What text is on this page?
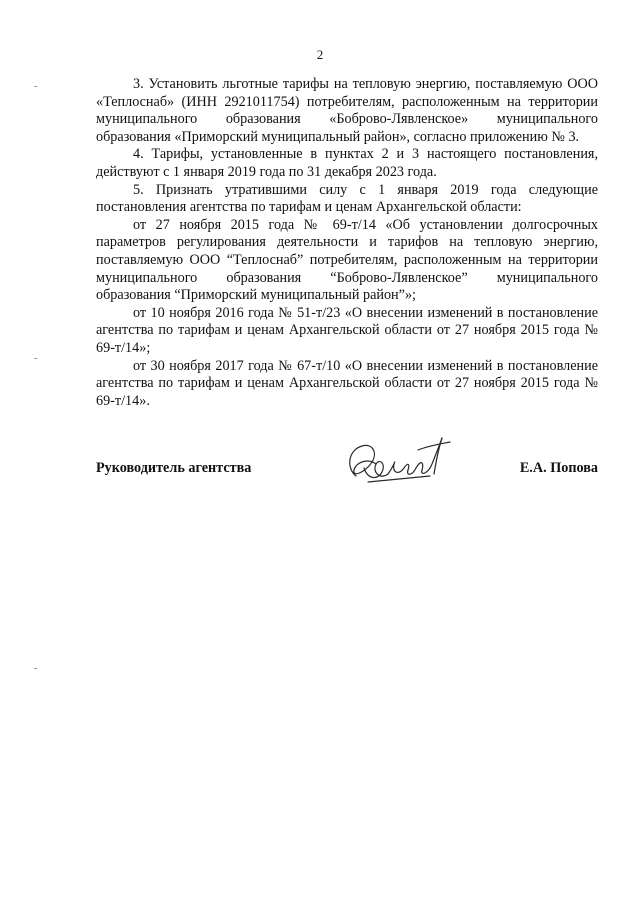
2

3. Установить льготные тарифы на тепловую энергию, поставляемую ООО «Теплоснаб» (ИНН 2921011754) потребителям, расположенным на территории муниципального образования «Боброво-Лявленское» муниципального образования «Приморский муниципальный район», согласно приложению № 3.

4. Тарифы, установленные в пунктах 2 и 3 настоящего постановления, действуют с 1 января 2019 года по 31 декабря 2023 года.

5. Признать утратившими силу с 1 января 2019 года следующие постановления агентства по тарифам и ценам Архангельской области:

от 27 ноября 2015 года № 69-т/14 «Об установлении долгосрочных параметров регулирования деятельности и тарифов на тепловую энергию, поставляемую ООО “Теплоснаб” потребителям, расположенным на территории муниципального образования “Боброво-Лявленское” муниципального образования “Приморский муниципальный район”»;

от 10 ноября 2016 года № 51-т/23 «О внесении изменений в постановление агентства по тарифам и ценам Архангельской области от 27 ноября 2015 года № 69-т/14»;

от 30 ноября 2017 года № 67-т/10 «О внесении изменений в постановление агентства по тарифам и ценам Архангельской области от 27 ноября 2015 года № 69-т/14».

Руководитель агентства	Е.А. Попова
